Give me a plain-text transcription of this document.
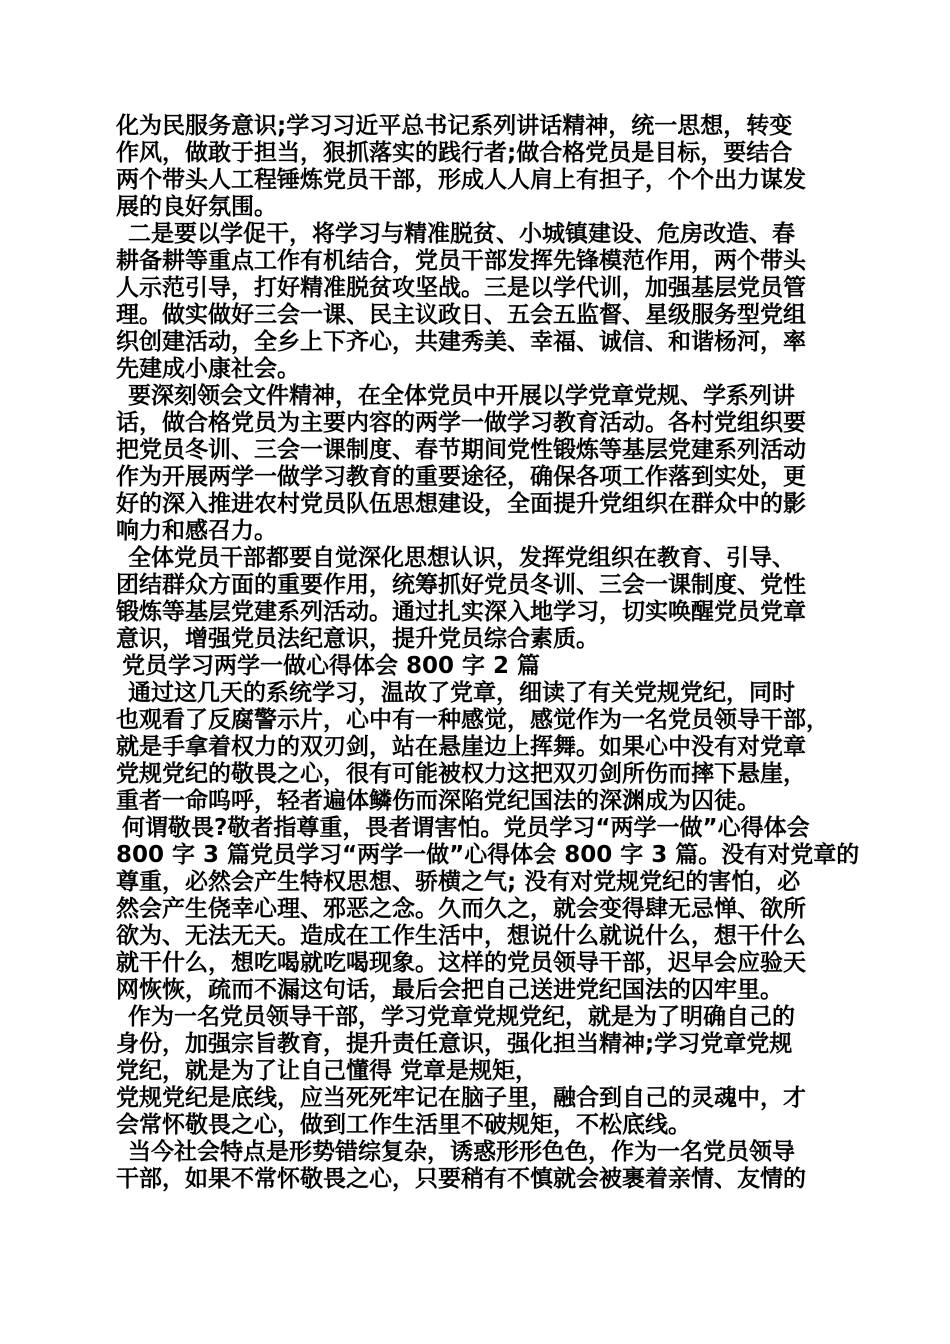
化为民服务意识;学习习近平总书记系列讲话精神，统一思想，转变
作风，做敢于担当，狠抓落实的践行者;做合格党员是目标，要结合
两个带头人工程锤炼党员干部，形成人人肩上有担子，个个出力谋发
展的良好氛围。
二是要以学促干，将学习与精准脱贫、小城镇建设、危房改造、春
耕备耕等重点工作有机结合，党员干部发挥先锋模范作用，两个带头
人示范引导，打好精准脱贫攻坚战。三是以学代训，加强基层党员管
理。做实做好三会一课、民主议政日、五会五监督、星级服务型党组
织创建活动，全乡上下齐心，共建秀美、幸福、诚信、和谐杨河，率
先建成小康社会。
要深刻领会文件精神，在全体党员中开展以学党章党规、学系列讲
话，做合格党员为主要内容的两学一做学习教育活动。各村党组织要
把党员冬训、三会一课制度、春节期间党性锻炼等基层党建系列活动
作为开展两学一做学习教育的重要途径，确保各项工作落到实处，更
好的深入推进农村党员队伍思想建设，全面提升党组织在群众中的影
响力和感召力。
全体党员干部都要自觉深化思想认识，发挥党组织在教育、引导、
团结群众方面的重要作用，统筹抓好党员冬训、三会一课制度、党性
锻炼等基层党建系列活动。通过扎实深入地学习，切实唤醒党员党章
意识，增强党员法纪意识，提升党员综合素质。
党员学习两学一做心得体会 800 字 2 篇
通过这几天的系统学习，温故了党章，细读了有关党规党纪，同时
也观看了反腐警示片，心中有一种感觉，感觉作为一名党员领导干部，
就是手拿着权力的双刃剑，站在悬崖边上挥舞。如果心中没有对党章
党规党纪的敬畏之心，很有可能被权力这把双刃剑所伤而摔下悬崖，
重者一命呜呼，轻者遍体鳞伤而深陷党纪国法的深渊成为囚徒。
何谓敬畏?敬者指尊重，畏者谓害怕。党员学习“两学一做”心得体会
800 字 3 篇党员学习“两学一做”心得体会 800 字 3 篇。没有对党章的
尊重，必然会产生特权思想、骄横之气; 没有对党规党纪的害怕，必
然会产生侥幸心理、邪恶之念。久而久之，就会变得肆无忌惮、欲所
欲为、无法无天。造成在工作生活中，想说什么就说什么，想干什么
就干什么，想吃喝就吃喝现象。这样的党员领导干部，迟早会应验天
网恢恢，疏而不漏这句话，最后会把自己送进党纪国法的囚牢里。
作为一名党员领导干部，学习党章党规党纪，就是为了明确自己的
身份，加强宗旨教育，提升责任意识，强化担当精神;学习党章党规
党纪，就是为了让自己懂得 党章是规矩，
党规党纪是底线，应当死死牢记在脑子里，融合到自己的灵魂中，才
会常怀敬畏之心，做到工作生活里不破规矩，不松底线。
当今社会特点是形势错综复杂，诱惑形形色色，作为一名党员领导
干部，如果不常怀敬畏之心，只要稍有不慎就会被裹着亲情、友情的
